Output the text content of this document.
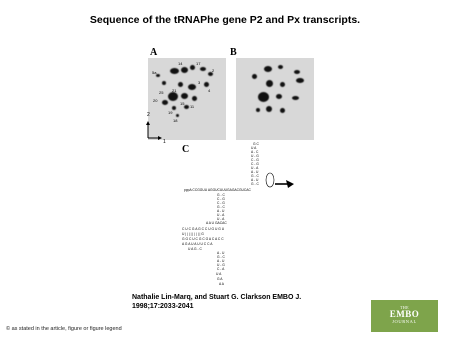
Sequence of the tRNAPhe gene P2 and Px transcripts.
A
5a
14	17
2
3
4
20
25 21
11
15
19
18
2
1
B
C	G C
U A
A - C
U - G
C - G
C - G
U - A
A - U
G - C
A - U
G - C
pppA CCGGUU AGGUCUUUGAGACGUCAC
G - C
C - G
C - G
G - C
A - U
U - A
U - A
A A U GACAC
C U C G A G C C U G U G U
U | | | | | | | | | G
G G C U C G C G A C A C C
A G A U A U U C C A
U A G - C
A - U
G - C
A - U
U - G
C - A
U A
G A
A A
Nathalie Lin-Marq, and Stuart G. Clarkson EMBO J.
1998;17:2033-2041	THE
EMBO
JOURNAL
© as stated in the article, figure or figure legend
